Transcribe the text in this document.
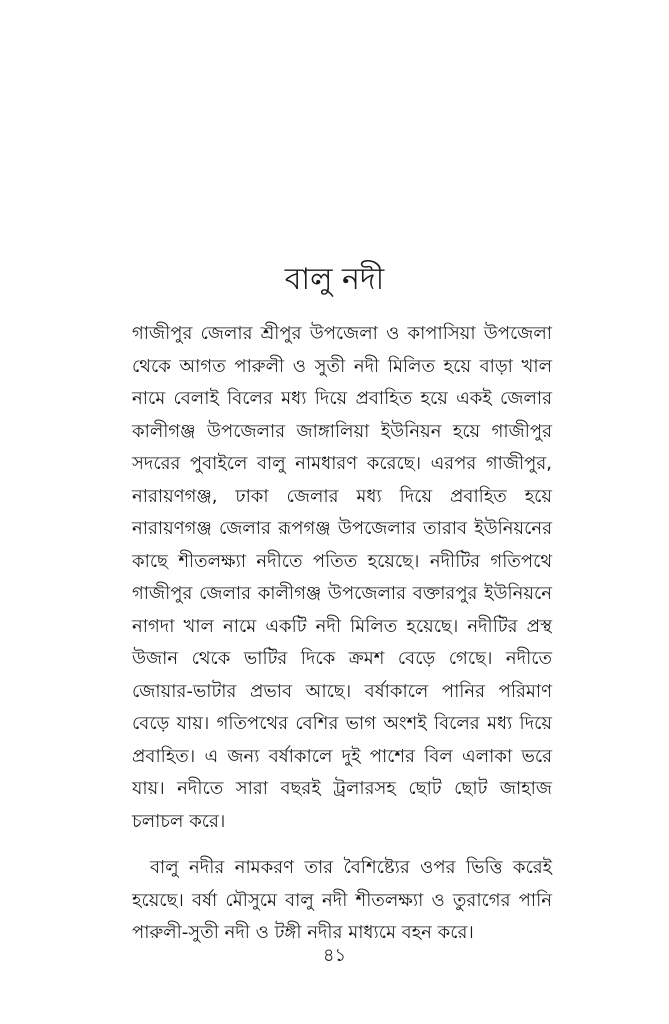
বালু নদী

গাজীপুর জেলার শ্রীপুর উপজেলা ও কাপাসিয়া উপজেলা থেকে আগত পারুলী ও সুতী নদী মিলিত হয়ে বাড়া খাল নামে বেলাই বিলের মধ্য দিয়ে প্রবাহিত হয়ে একই জেলার কালীগঞ্জ উপজেলার জাঙ্গালিয়া ইউনিয়ন হয়ে গাজীপুর সদরের পুবাইলে বালু নামধারণ করেছে। এরপর গাজীপুর, নারায়ণগঞ্জ, ঢাকা জেলার মধ্য দিয়ে প্রবাহিত হয়ে নারায়ণগঞ্জ জেলার রূপগঞ্জ উপজেলার তারাব ইউনিয়নের কাছে শীতলক্ষ্যা নদীতে পতিত হয়েছে। নদীটির গতিপথে গাজীপুর জেলার কালীগঞ্জ উপজেলার বক্তারপুর ইউনিয়নে নাগদা খাল নামে একটি নদী মিলিত হয়েছে। নদীটির প্রস্থ উজান থেকে ভাটির দিকে ক্রমশ বেড়ে গেছে। নদীতে জোয়ার-ভাটার প্রভাব আছে। বর্ষাকালে পানির পরিমাণ বেড়ে যায়। গতিপথের বেশির ভাগ অংশই বিলের মধ্য দিয়ে প্রবাহিত। এ জন্য বর্ষাকালে দুই পাশের বিল এলাকা ভরে যায়। নদীতে সারা বছরই ট্রলারসহ ছোট ছোট জাহাজ চলাচল করে।

বালু নদীর নামকরণ তার বৈশিষ্ট্যের ওপর ভিত্তি করেই হয়েছে। বর্ষা মৌসুমে বালু নদী শীতলক্ষ্যা ও তুরাগের পানি পারুলী-সুতী নদী ও টঙ্গী নদীর মাধ্যমে বহন করে।

৪১
